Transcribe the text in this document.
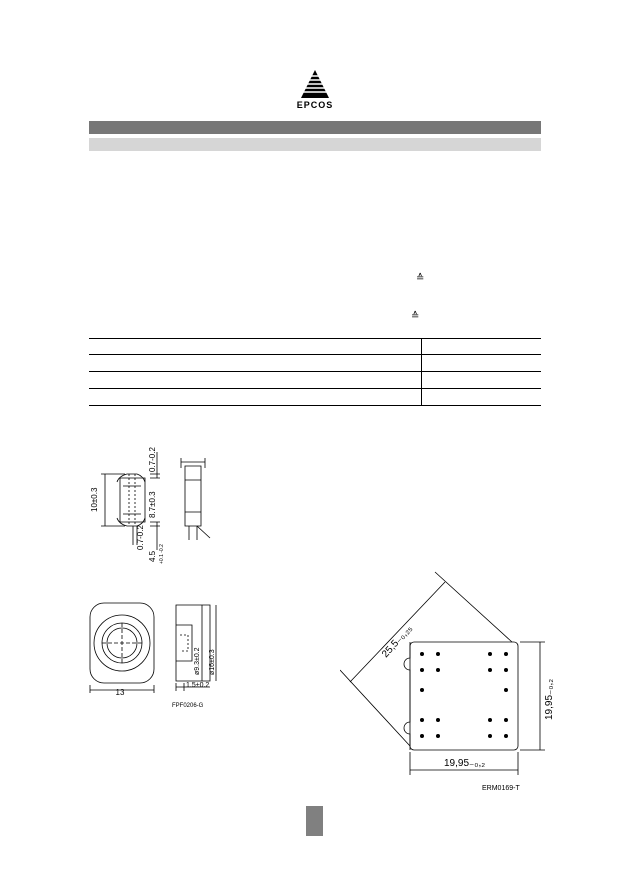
EPCOS
≙
≙
10±0.3
0.7-0.2
8.7±0.3
0.7-0.2
4.5 +0.1 -0.2
13
ø9.3±0.2 ø16±0.3
1.5±0.2
FPF0206-G
25,5₋₀,₂₅
19,95₋₀,₂
19,95₋₀,₂
ERM0169-T
